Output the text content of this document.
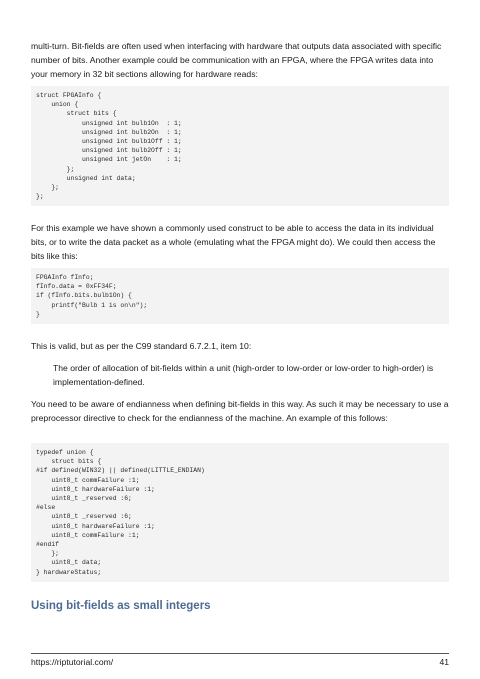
multi-turn. Bit-fields are often used when interfacing with hardware that outputs data associated with specific number of bits. Another example could be communication with an FPGA, where the FPGA writes data into your memory in 32 bit sections allowing for hardware reads:

struct FPGAInfo {
union {
struct bits {
unsigned int bulb1On  : 1;
unsigned int bulb2On  : 1;
unsigned int bulb1Off : 1;
unsigned int bulb2Off : 1;
unsigned int jetOn    : 1;
};
unsigned int data;
};
};

For this example we have shown a commonly used construct to be able to access the data in its individual bits, or to write the data packet as a whole (emulating what the FPGA might do). We could then access the bits like this:

FPGAInfo fInfo;
fInfo.data = 0xFF34F;
if (fInfo.bits.bulb1On) {
printf("Bulb 1 is on\n");
}

This is valid, but as per the C99 standard 6.7.2.1, item 10:

The order of allocation of bit-fields within a unit (high-order to low-order or low-order to high-order) is implementation-defined.

You need to be aware of endianness when defining bit-fields in this way. As such it may be necessary to use a preprocessor directive to check for the endianness of the machine. An example of this follows:

typedef union {
struct bits {
#if defined(WIN32) || defined(LITTLE_ENDIAN)
uint8_t commFailure :1;
uint8_t hardwareFailure :1;
uint8_t _reserved :6;
#else
uint8_t _reserved :6;
uint8_t hardwareFailure :1;
uint8_t commFailure :1;
#endif
};
uint8_t data;
} hardwareStatus;
Using bit-fields as small integers
https://riptutorial.com/	41
